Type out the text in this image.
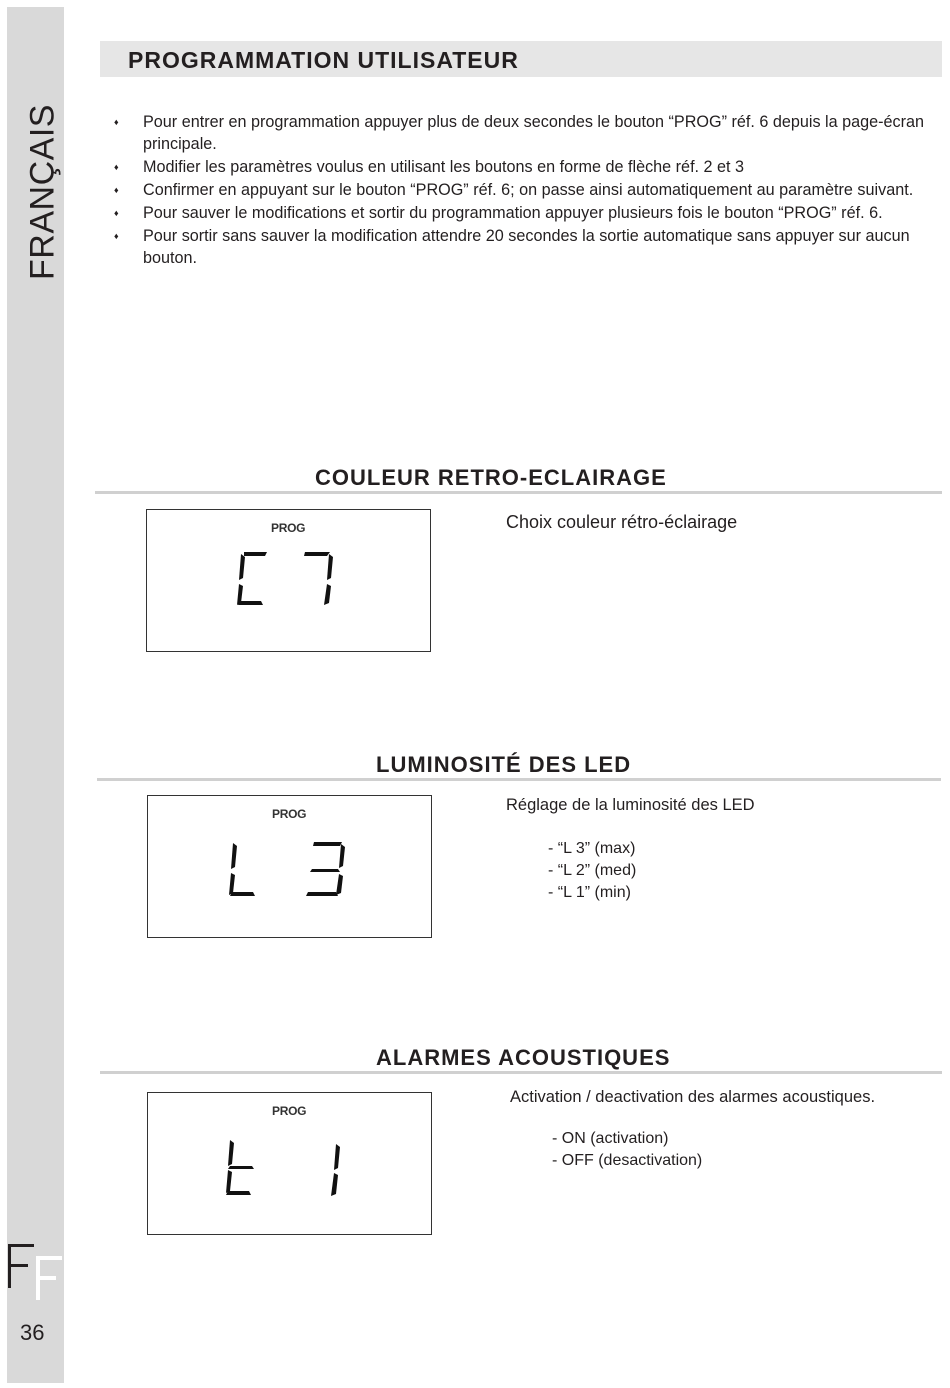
FRANÇAIS
36
PROGRAMMATION UTILISATEUR
♦ Pour entrer en programmation appuyer plus de deux secondes le bouton “PROG” réf. 6 depuis la page-écran principale.
♦ Modifier les paramètres voulus en utilisant les boutons en forme de flèche réf. 2 et 3
♦ Confirmer en appuyant sur le bouton “PROG” réf. 6; on passe ainsi automatiquement au paramètre suivant.
♦ Pour sauver le modifications et sortir du programmation appuyer plusieurs fois le bouton “PROG” réf. 6.
♦ Pour sortir sans sauver la modification attendre 20 secondes la sortie automatique sans appuyer sur aucun bouton.
COULEUR RETRO-ECLAIRAGE
PROG	Choix couleur rétro-éclairage
LUMINOSITÉ DES LED
PROG	Réglage de la luminosité des LED
- “L 3” (max)
- “L 2” (med)
- “L 1” (min)
ALARMES ACOUSTIQUES
PROG
Activation / deactivation des alarmes acoustiques.
- ON (activation)
- OFF (desactivation)
